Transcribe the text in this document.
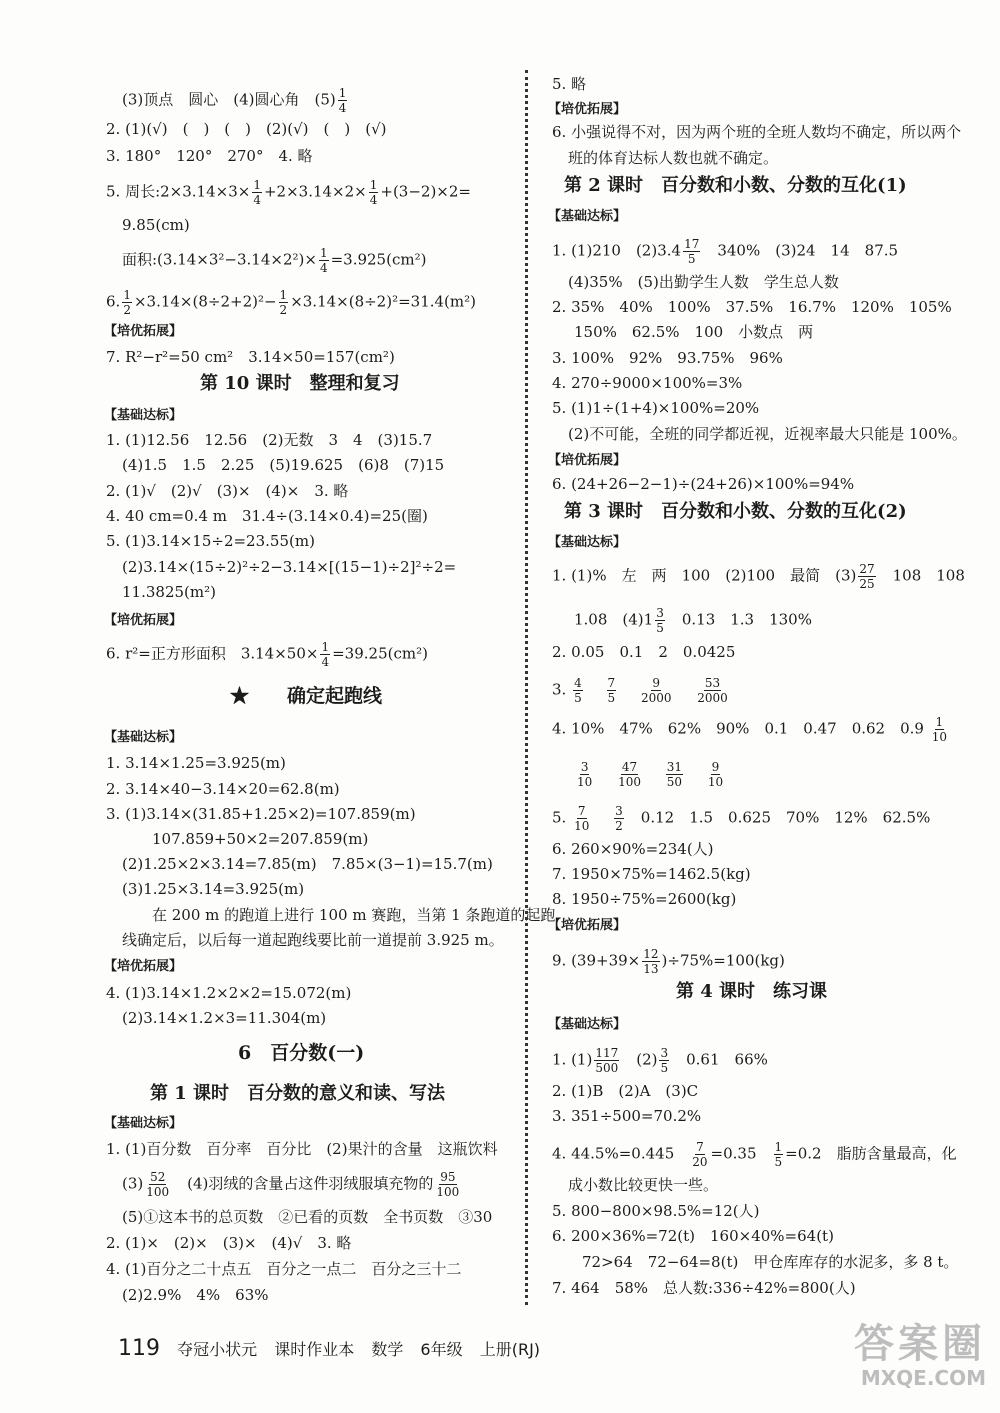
(3)顶点　圆心　(4)圆心角　$(5) \frac{1}{4}$
2. (1)(√)　(　)　(　)　(2)(√)　(　)　(√)
3. 180°　120°　270°　4. 略
5. 周长:2×3.14×3× $\frac{1}{4} +2\times 3.14\times 2\times \frac{1}{4} +(3-2)\times 2=$
9.85(cm)
面积:(3.14×3²−3.14×2²)× $\frac{1}{4} =3.925(cm^2)$
6. $\frac{1}{2} \times 3.14\times(8\div 2+2)^2- \frac{1}{2} \times 3.14\times(8\div 2)^2=31.4(m^2)$
【培优拓展】
7. R²−r²=50 cm²　3.14×50=157(cm²)
第 10 课时　整理和复习
【基础达标】
1. (1)12.56　12.56　(2)无数　3　4　(3)15.7
(4)1.5　1.5　2.25　(5)19.625　(6)8　(7)15
2. (1)√　(2)√　(3)×　(4)×　3. 略
4. 40 cm=0.4 m　31.4÷(3.14×0.4)=25(圈)
5. (1)3.14×15÷2=23.55(m)
(2)3.14×(15÷2)²÷2−3.14×[(15−1)÷2]²÷2=
11.3825(m²)
【培优拓展】
6. r²=正方形面积　$3.14\times 50\times \frac{1}{4} =39.25(cm^2)$
★　　 确定起跑线
【基础达标】
1. 3.14×1.25=3.925(m)
2. 3.14×40−3.14×20=62.8(m)
3. (1)3.14×(31.85+1.25×2)=107.859(m)
107.859+50×2=207.859(m)
(2)1.25×2×3.14=7.85(m)　7.85×(3−1)=15.7(m)
(3)1.25×3.14=3.925(m)
在 200 m 的跑道上进行 100 m 赛跑，当第 1 条跑道的起跑
线确定后，以后每一道起跑线要比前一道提前 3.925 m。
【培优拓展】
4. (1)3.14×1.2×2×2=15.072(m)
(2)3.14×1.2×3=11.304(m)
6　百分数(一)
第 1 课时　百分数的意义和读、写法
【基础达标】
1. (1)百分数　百分率　百分比　(2)果汁的含量　这瓶饮料
$(3) \frac{52}{100}$ 　(4)羽绒的含量占这件羽绒服填充物的 $\frac{95}{100}$
(5)①这本书的总页数　②已看的页数　全书页数　③30
2. (1)×　(2)×　(3)×　(4)√　3. 略
4. (1)百分之二十点五　百分之一点二　百分之三十二
(2)2.9%　4%　63%
5. 略
【培优拓展】
6. 小强说得不对，因为两个班的全班人数均不确定，所以两个
班的体育达标人数也就不确定。
第 2 课时　百分数和小数、分数的互化(1)
【基础达标】
1. (1)210　$(2)3.4 \frac{17}{5}$ 　340%　(3)24　14　87.5
(4)35%　(5)出勤学生人数　学生总人数
2. 35%　40%　100%　37.5%　16.7%　120%　105%
150%　62.5%　100　小数点　两
3. 100%　92%　93.75%　96%
4. 270÷9000×100%=3%
5. (1)1÷(1+4)×100%=20%
(2)不可能，全班的同学都近视，近视率最大只能是 100%。
【培优拓展】
6. (24+26−2−1)÷(24+26)×100%=94%
第 3 课时　百分数和小数、分数的互化(2)
【基础达标】
1. (1)%　左　两　100　(2)100　最简　$(3) \frac{27}{25}$ 　108　108
1.08　$(4)1 \frac{3}{5}$ 　0.13　1.3　130%
2. 0.05　0.1　2　0.0425
3. $\frac{4}{5}$
　 $\frac{7}{5}$
　 $\frac{9}{2000}$
　 $\frac{53}{2000}$
4. 10%　47%　62%　90%　0.1　0.47　0.62　$0.9 \frac{1}{10}$
$\frac{3}{10}$
　 $\frac{47}{100}$
　 $\frac{31}{50}$
　 $\frac{9}{10}$
5. $\frac{7}{10}$
　 $\frac{3}{2}$ 　0.12　1.5　0.625　70%　12%　62.5%
6. 260×90%=234(人)
7. 1950×75%=1462.5(kg)
8. 1950÷75%=2600(kg)
【培优拓展】
9. $(39+39\times \frac{12}{13} )\div 75\%=100(kg)$
第 4 课时　练习课
【基础达标】
1. $(1) \frac{117}{500}$ 　$(2) \frac{3}{5}$ 　0.61　66%
2. (1)B　(2)A　(3)C
3. 351÷500=70.2%
4. 44.5%=0.445　 $\frac{7}{20} =0.35$　 $\frac{1}{5} =0.2$　脂肪含量最高，化
成小数比较更快一些。
5. 800−800×98.5%=12(人)
6. 200×36%=72(t)　160×40%=64(t)
72>64　72−64=8(t)　甲仓库库存的水泥多，多 8 t。
7. 464　58%　总人数:336÷42%=800(人)
119 夺冠小状元 课时作业本 数学 6年级 上册(RJ)	答案圈
MXQE.COM
